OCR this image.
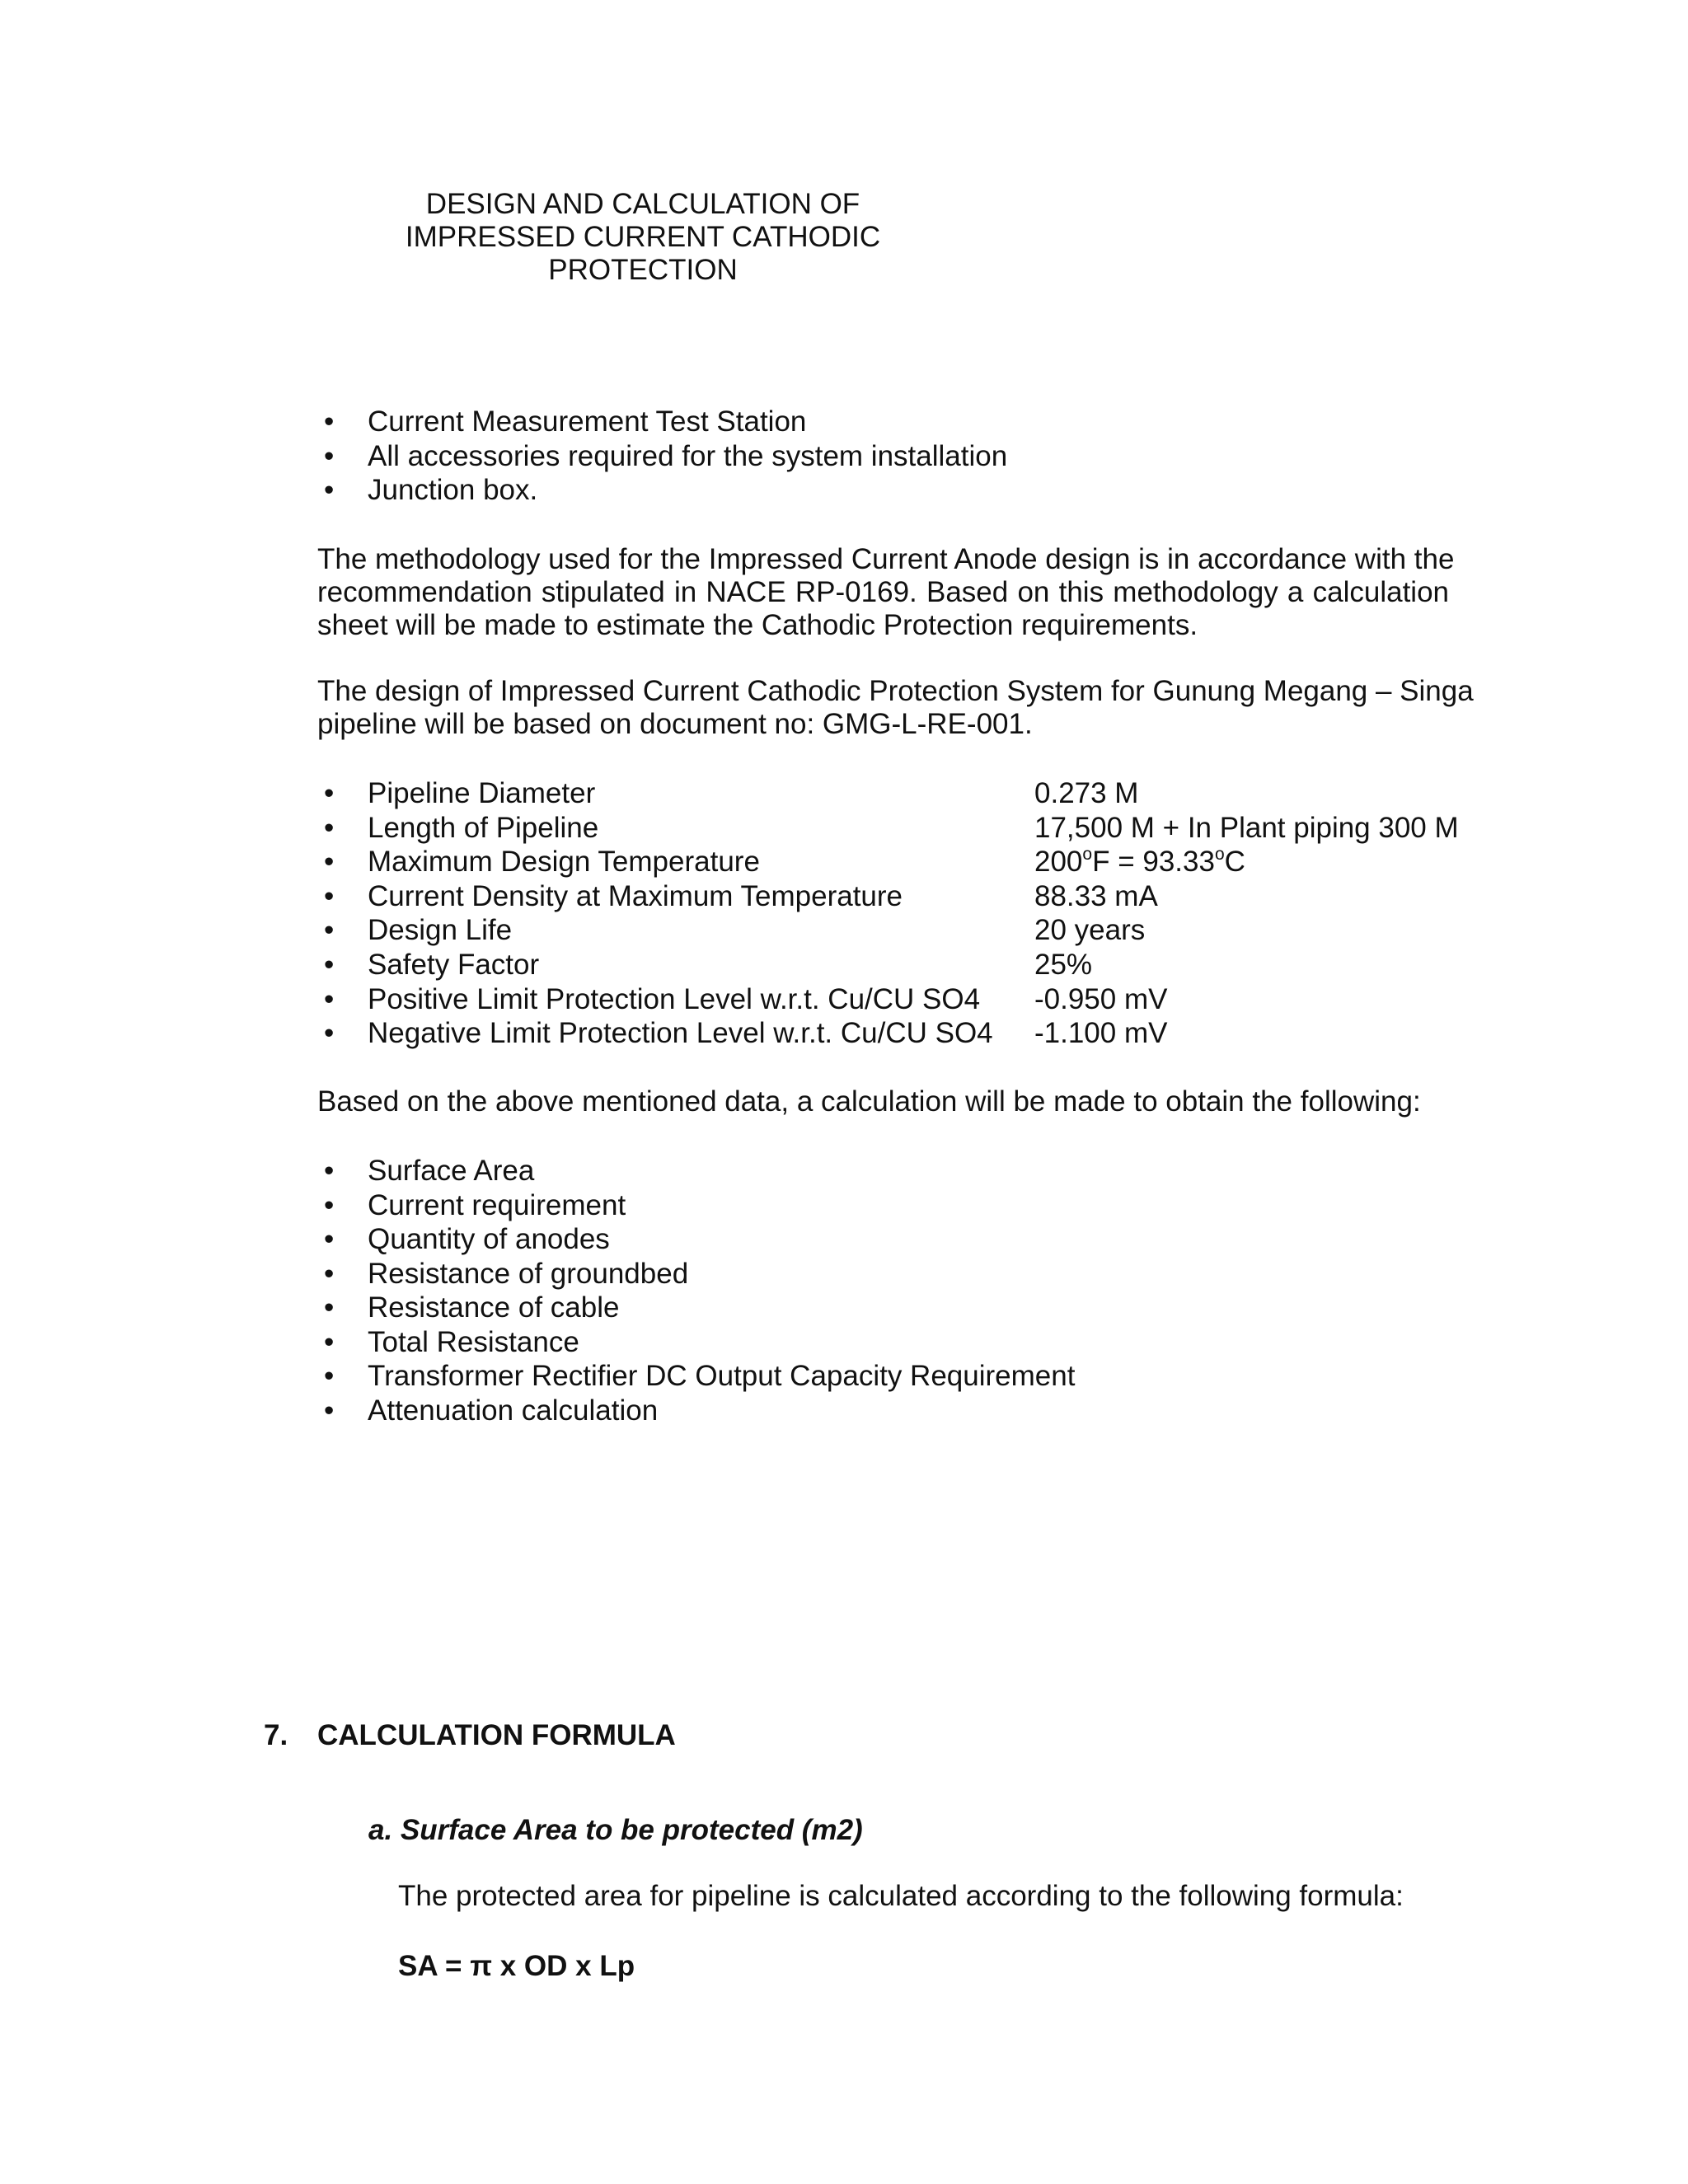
DESIGN AND CALCULATION OF
IMPRESSED CURRENT CATHODIC
PROTECTION
• Current Measurement Test Station
• All accessories required for the system installation
• Junction box.
The methodology used for the Impressed Current Anode design is in accordance with the
recommendation stipulated in NACE RP-0169. Based on this methodology a calculation
sheet will be made to estimate the Cathodic Protection requirements.
The design of Impressed Current Cathodic Protection System for Gunung Megang – Singa
pipeline will be based on document no: GMG-L-RE-001.
• Pipeline Diameter	0.273 M
• Length of Pipeline	17,500 M + In Plant piping 300 M
• Maximum Design Temperature	$200^oF = 93.33^oC$
• Current Density at Maximum Temperature	88.33 mA
• Design Life	20 years
• Safety Factor	25%
• Positive Limit Protection Level w.r.t. Cu/CU SO4 -0.950 mV
• Negative Limit Protection Level w.r.t. Cu/CU SO4 -1.100 mV
Based on the above mentioned data, a calculation will be made to obtain the following:
• Surface Area
• Current requirement
• Quantity of anodes
• Resistance of groundbed
• Resistance of cable
• Total Resistance
• Transformer Rectifier DC Output Capacity Requirement
• Attenuation calculation
7. CALCULATION FORMULA
a. Surface Area to be protected (m2)
The protected area for pipeline is calculated according to the following formula:
SA = π x OD x Lp
